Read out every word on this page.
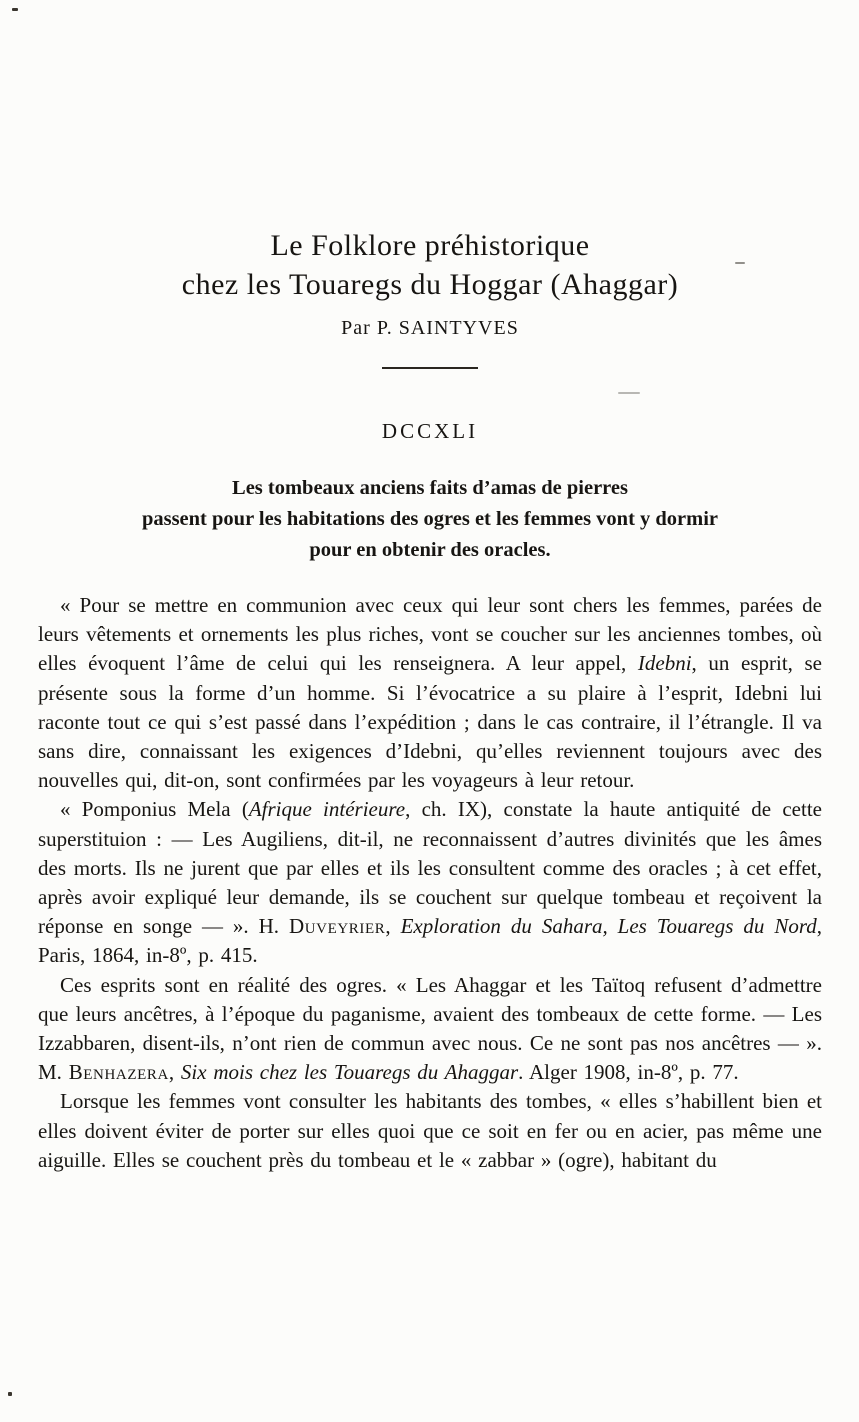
Le Folklore préhistorique
chez les Touaregs du Hoggar (Ahaggar)
Par P. SAINTYVES
DCCXLI
Les tombeaux anciens faits d’amas de pierres
passent pour les habitations des ogres et les femmes vont y dormir
pour en obtenir des oracles.

« Pour se mettre en communion avec ceux qui leur sont chers les femmes, parées de leurs vêtements et ornements les plus riches, vont se coucher sur les anciennes tombes, où elles évoquent l’âme de celui qui les renseignera. A leur appel, Idebni, un esprit, se présente sous la forme d’un homme. Si l’évocatrice a su plaire à l’esprit, Idebni lui raconte tout ce qui s’est passé dans l’expédition ; dans le cas contraire, il l’étrangle. Il va sans dire, connaissant les exigences d’Idebni, qu’elles reviennent toujours avec des nouvelles qui, dit-on, sont confirmées par les voyageurs à leur retour.

« Pomponius Mela (Afrique intérieure, ch. IX), constate la haute antiquité de cette superstituion : — Les Augiliens, dit-il, ne reconnaissent d’autres divinités que les âmes des morts. Ils ne jurent que par elles et ils les consultent comme des oracles ; à cet effet, après avoir expliqué leur demande, ils se couchent sur quelque tombeau et reçoivent la réponse en songe — ». H. Duveyrier, Exploration du Sahara, Les Touaregs du Nord, Paris, 1864, in-8º, p. 415.

Ces esprits sont en réalité des ogres. « Les Ahaggar et les Taïtoq refusent d’admettre que leurs ancêtres, à l’époque du paganisme, avaient des tombeaux de cette forme. — Les Izzabbaren, disent-ils, n’ont rien de commun avec nous. Ce ne sont pas nos ancêtres — ». M. Benhazera, Six mois chez les Touaregs du Ahaggar. Alger 1908, in-8º, p. 77.

Lorsque les femmes vont consulter les habitants des tombes, « elles s’habillent bien et elles doivent éviter de porter sur elles quoi que ce soit en fer ou en acier, pas même une aiguille. Elles se couchent près du tombeau et le « zabbar » (ogre), habitant du
